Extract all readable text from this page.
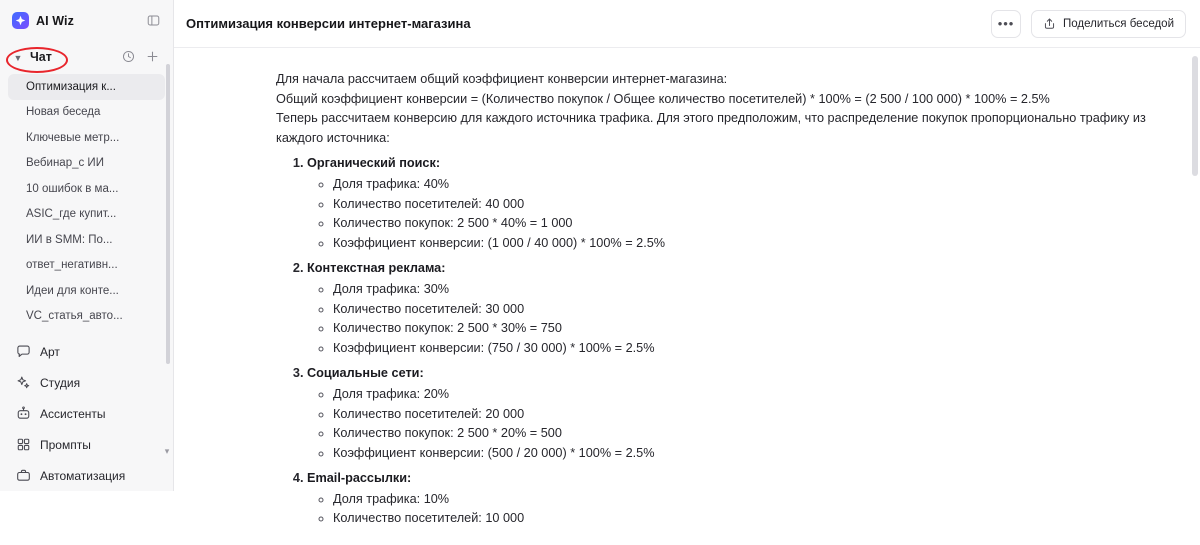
AI Wiz
▼ Чат
Оптимизация к...
Новая беседа
Ключевые метр...
Вебинар_с ИИ
10 ошибок в ма...
ASIC_где купит...
ИИ в SMM: По...
ответ_негативн...
Идеи для конте...
VC_статья_авто...
Арт
Студия
Ассистенты
Промпты
Автоматизация
▾
Оптимизация конверсии интернет-магазина	•••	Поделиться беседой

Для начала рассчитаем общий коэффициент конверсии интернет-магазина:

Общий коэффициент конверсии = (Количество покупок / Общее количество посетителей) * 100% = (2 500 / 100 000) * 100% = 2.5%

Теперь рассчитаем конверсию для каждого источника трафика. Для этого предположим, что распределение покупок пропорционально трафику из каждого источника:

1. Органический поиск:
◦ Доля трафика: 40%
◦ Количество посетителей: 40 000
◦ Количество покупок: 2 500 * 40% = 1 000
◦ Коэффициент конверсии: (1 000 / 40 000) * 100% = 2.5%
2. Контекстная реклама:
◦ Доля трафика: 30%
◦ Количество посетителей: 30 000
◦ Количество покупок: 2 500 * 30% = 750
◦ Коэффициент конверсии: (750 / 30 000) * 100% = 2.5%
3. Социальные сети:
◦ Доля трафика: 20%
◦ Количество посетителей: 20 000
◦ Количество покупок: 2 500 * 20% = 500
◦ Коэффициент конверсии: (500 / 20 000) * 100% = 2.5%
4. Email-рассылки:
◦ Доля трафика: 10%
◦ Количество посетителей: 10 000
